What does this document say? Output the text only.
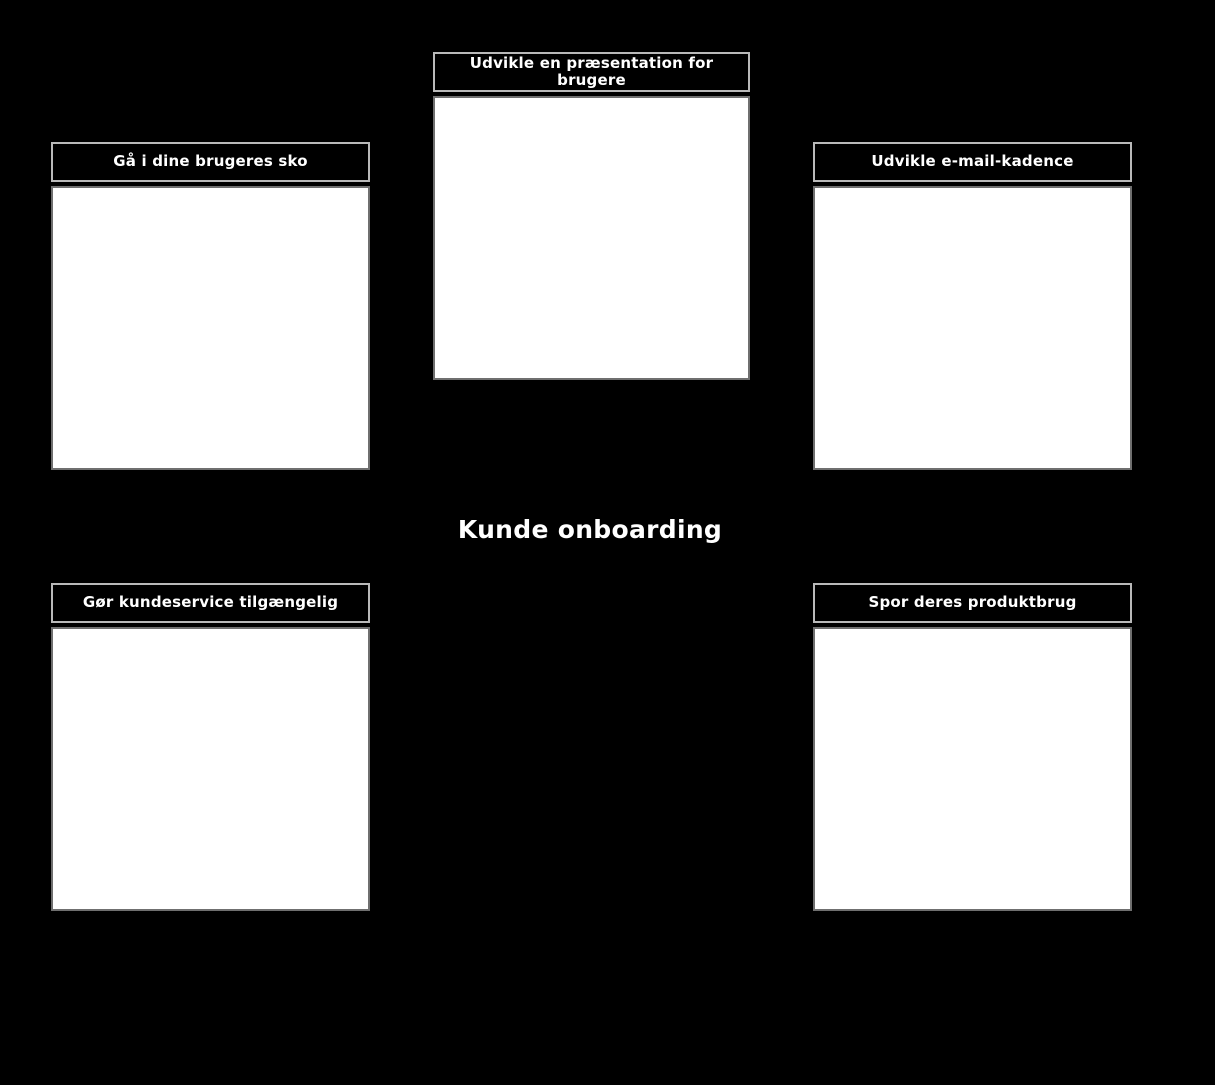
Udvikle en præsentation for brugere
Gå i dine brugeres sko	Udvikle e-mail-kadence
Gør kundeservice tilgængelig	Spor deres produktbrug
Kunde onboarding
